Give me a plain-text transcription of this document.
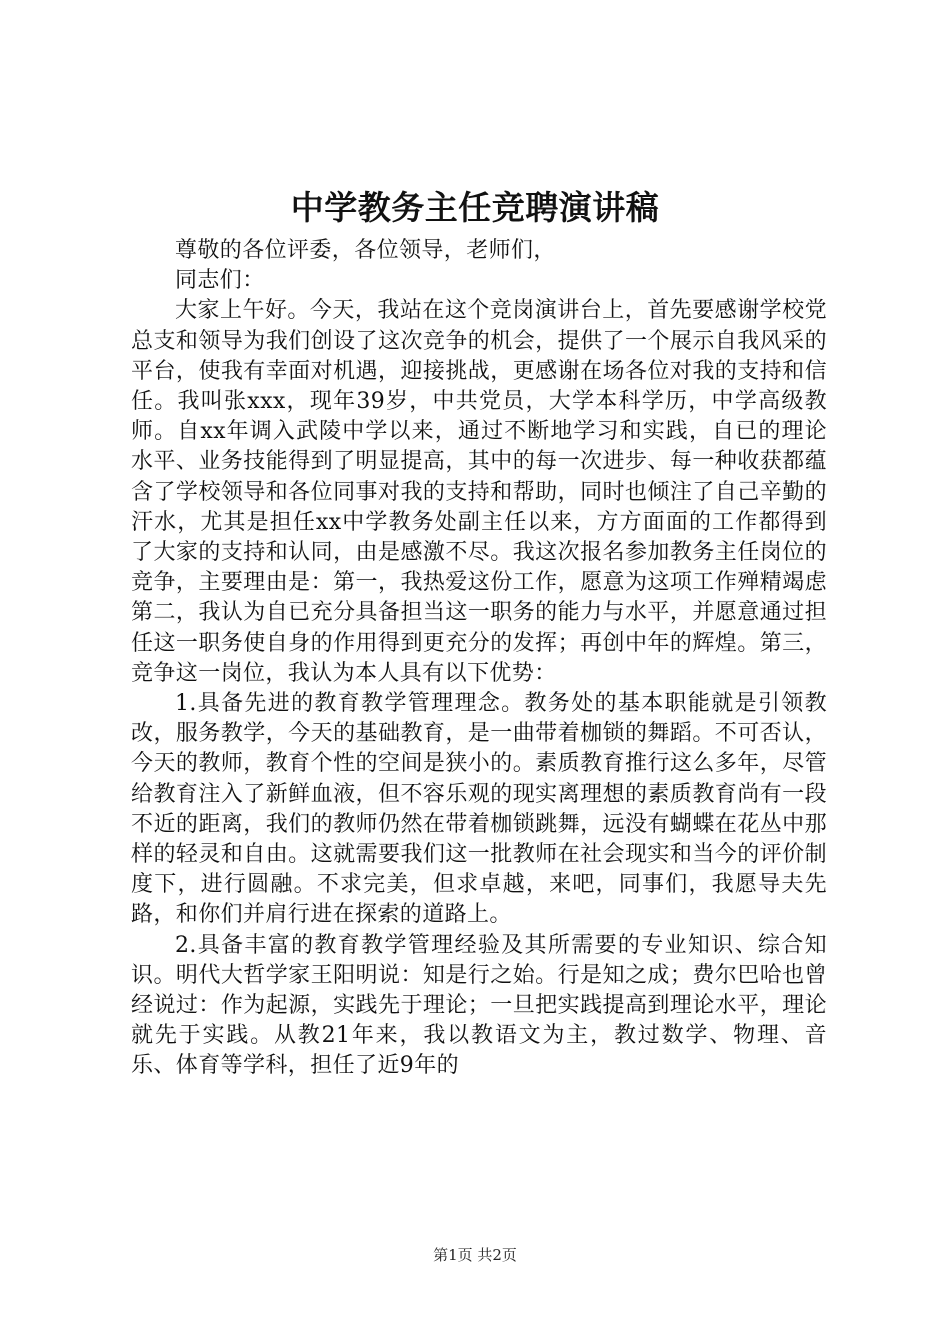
中学教务主任竞聘演讲稿

尊敬的各位评委，各位领导，老师们，

同志们：

大家上午好。今天，我站在这个竞岗演讲台上，首先要感谢学校党总支和领导为我们创设了这次竞争的机会，提供了一个展示自我风采的平台，使我有幸面对机遇，迎接挑战，更感谢在场各位对我的支持和信任。我叫张xxx，现年39岁，中共党员，大学本科学历，中学高级教师。自xx年调入武陵中学以来，通过不断地学习和实践，自已的理论水平、业务技能得到了明显提高，其中的每一次进步、每一种收获都蕴含了学校领导和各位同事对我的支持和帮助，同时也倾注了自己辛勤的汗水，尤其是担任xx中学教务处副主任以来，方方面面的工作都得到了大家的支持和认同，由是感激不尽。我这次报名参加教务主任岗位的竞争，主要理由是：第一，我热爱这份工作，愿意为这项工作殚精竭虑第二，我认为自已充分具备担当这一职务的能力与水平，并愿意通过担任这一职务使自身的作用得到更充分的发挥；再创中年的辉煌。第三，竞争这一岗位，我认为本人具有以下优势：

1.具备先进的教育教学管理理念。教务处的基本职能就是引领教改，服务教学，今天的基础教育，是一曲带着枷锁的舞蹈。不可否认，今天的教师，教育个性的空间是狭小的。素质教育推行这么多年，尽管给教育注入了新鲜血液，但不容乐观的现实离理想的素质教育尚有一段不近的距离，我们的教师仍然在带着枷锁跳舞，远没有蝴蝶在花丛中那样的轻灵和自由。这就需要我们这一批教师在社会现实和当今的评价制度下，进行圆融。不求完美，但求卓越，来吧，同事们，我愿导夫先路，和你们并肩行进在探索的道路上。

2.具备丰富的教育教学管理经验及其所需要的专业知识、综合知识。明代大哲学家王阳明说：知是行之始。行是知之成；费尔巴哈也曾经说过：作为起源，实践先于理论；一旦把实践提高到理论水平，理论就先于实践。从教21年来，我以教语文为主，教过数学、物理、音乐、体育等学科，担任了近9年的

第1页 共2页
